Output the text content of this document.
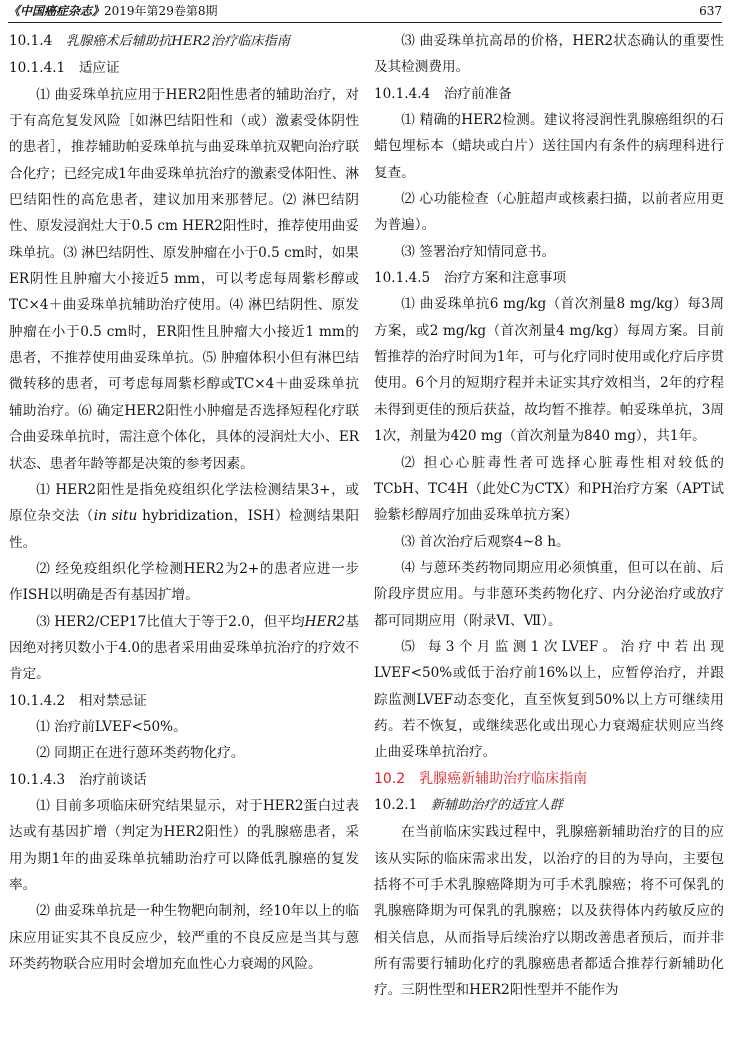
《中国癌症杂志》2019年第29卷第8期	637

10.1.4　 乳腺癌术后辅助抗HER2治疗临床指南

10.1.4.1　 适应证

⑴ 曲妥珠单抗应用于HER2阳性患者的辅助治疗，对于有高危复发风险［如淋巴结阳性和（或）激素受体阴性的患者］，推荐辅助帕妥珠单抗与曲妥珠单抗双靶向治疗联合化疗；已经完成1年曲妥珠单抗治疗的激素受体阳性、淋巴结阳性的高危患者，建议加用来那替尼。⑵ 淋巴结阴性、原发浸润灶大于0.5 cm HER2阳性时，推荐使用曲妥珠单抗。⑶ 淋巴结阴性、原发肿瘤在小于0.5 cm时，如果ER阴性且肿瘤大小接近5 mm，可以考虑每周紫杉醇或TC×4＋曲妥珠单抗辅助治疗使用。⑷ 淋巴结阴性、原发肿瘤在小于0.5 cm时，ER阳性且肿瘤大小接近1 mm的患者，不推荐使用曲妥珠单抗。⑸ 肿瘤体积小但有淋巴结微转移的患者，可考虑每周紫杉醇或TC×4＋曲妥珠单抗辅助治疗。⑹ 确定HER2阳性小肿瘤是否选择短程化疗联合曲妥珠单抗时，需注意个体化，具体的浸润灶大小、ER状态、患者年龄等都是决策的参考因素。

⑴ HER2阳性是指免疫组织化学法检测结果3+，或原位杂交法（in situ hybridization，ISH）检测结果阳性。

⑵ 经免疫组织化学检测HER2为2+的患者应进一步作ISH以明确是否有基因扩增。

⑶ HER2/CEP17比值大于等于2.0，但平均HER2基因绝对拷贝数小于4.0的患者采用曲妥珠单抗治疗的疗效不肯定。

10.1.4.2　 相对禁忌证

⑴ 治疗前LVEF<50%。

⑵ 同期正在进行蒽环类药物化疗。

10.1.4.3　 治疗前谈话

⑴ 目前多项临床研究结果显示，对于HER2蛋白过表达或有基因扩增（判定为HER2阳性）的乳腺癌患者，采用为期1年的曲妥珠单抗辅助治疗可以降低乳腺癌的复发率。

⑵ 曲妥珠单抗是一种生物靶向制剂，经10年以上的临床应用证实其不良反应少，较严重的不良反应是当其与蒽环类药物联合应用时会增加充血性心力衰竭的风险。

⑶ 曲妥珠单抗高昂的价格，HER2状态确认的重要性及其检测费用。

10.1.4.4　 治疗前准备

⑴ 精确的HER2检测。建议将浸润性乳腺癌组织的石蜡包埋标本（蜡块或白片）送往国内有条件的病理科进行复查。

⑵ 心功能检查（心脏超声或核素扫描，以前者应用更为普遍）。

⑶ 签署治疗知情同意书。

10.1.4.5　 治疗方案和注意事项

⑴ 曲妥珠单抗6 mg/kg（首次剂量8 mg/kg）每3周方案，或2 mg/kg（首次剂量4 mg/kg）每周方案。目前暂推荐的治疗时间为1年，可与化疗同时使用或化疗后序贯使用。6个月的短期疗程并未证实其疗效相当，2年的疗程未得到更佳的预后获益，故均暂不推荐。帕妥珠单抗，3周1次，剂量为420 mg（首次剂量为840 mg），共1年。

⑵ 担心心脏毒性者可选择心脏毒性相对较低的TCbH、TC4H（此处C为CTX）和PH治疗方案（APT试验紫杉醇周疗加曲妥珠单抗方案）

⑶ 首次治疗后观察4~8 h。

⑷ 与蒽环类药物同期应用必须慎重，但可以在前、后阶段序贯应用。与非蒽环类药物化疗、内分泌治疗或放疗都可同期应用（附录Ⅵ、Ⅶ）。

⑸ 每3个月监测1次LVEF。治疗中若出现LVEF<50%或低于治疗前16%以上，应暂停治疗，并跟踪监测LVEF动态变化，直至恢复到50%以上方可继续用药。若不恢复，或继续恶化或出现心力衰竭症状则应当终止曲妥珠单抗治疗。

10.2　 乳腺癌新辅助治疗临床指南

10.2.1　 新辅助治疗的适宜人群

在当前临床实践过程中，乳腺癌新辅助治疗的目的应该从实际的临床需求出发，以治疗的目的为导向，主要包括将不可手术乳腺癌降期为可手术乳腺癌；将不可保乳的乳腺癌降期为可保乳的乳腺癌；以及获得体内药敏反应的相关信息，从而指导后续治疗以期改善患者预后，而并非所有需要行辅助化疗的乳腺癌患者都适合推荐行新辅助化疗。三阴性型和HER2阳性型并不能作为
